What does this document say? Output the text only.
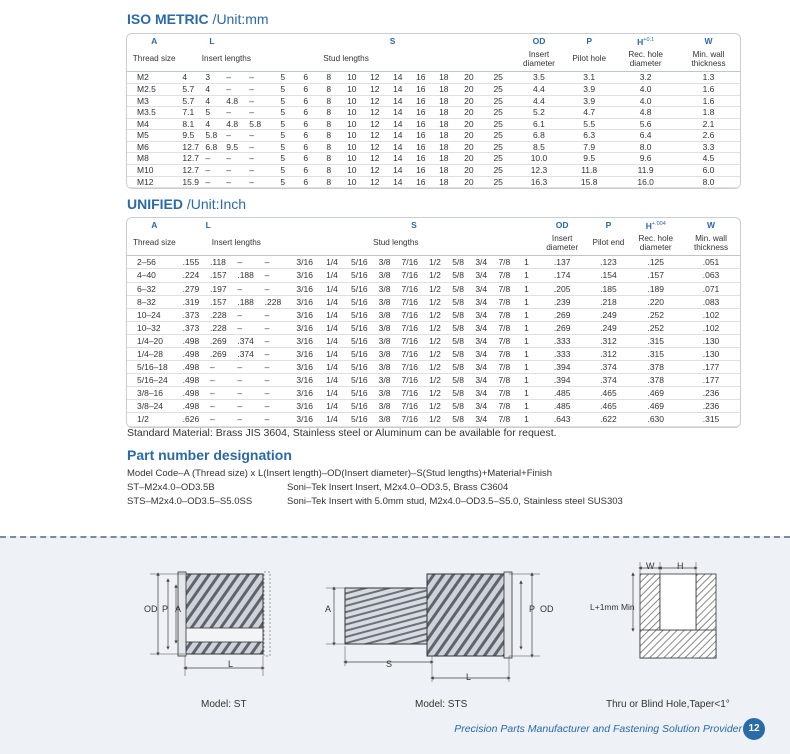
ISO METRIC /Unit:mm
A	L				S										OD	P	$H^{+0.1}$	W
Thread size	Insert lengths				Stud lengths										Insert diameter	Pilot hole	Rec. hole diameter	Min. wall thickness
M2	4	3	–	–	5	6	8	10	12	14	16	18	20	25	3.5	3.1	3.2	1.3
M2.5	5.7	4	–	–	5	6	8	10	12	14	16	18	20	25	4.4	3.9	4.0	1.6
M3	5.7	4	4.8	–	5	6	8	10	12	14	16	18	20	25	4.4	3.9	4.0	1.6
M3.5	7.1	5	–	–	5	6	8	10	12	14	16	18	20	25	5.2	4.7	4.8	1.8
M4	8.1	4	4.8	5.8	5	6	8	10	12	14	16	18	20	25	6.1	5.5	5.6	2.1
M5	9.5	5.8	–	–	5	6	8	10	12	14	16	18	20	25	6.8	6.3	6.4	2.6
M6	12.7	6.8	9.5	–	5	6	8	10	12	14	16	18	20	25	8.5	7.9	8.0	3.3
M8	12.7	–	–	–	5	6	8	10	12	14	16	18	20	25	10.0	9.5	9.6	4.5
M10	12.7	–	–	–	5	6	8	10	12	14	16	18	20	25	12.3	11.8	11.9	6.0
M12	15.9	–	–	–	5	6	8	10	12	14	16	18	20	25	16.3	15.8	16.0	8.0
UNIFIED /Unit:Inch
A	L				S										OD	P	$H^{+.004}$	W
Thread size	Insert lengths				Stud lengths										Insert diameter	Pilot end	Rec. hole diameter	Min. wall thickness
2–56	.155	.118	–	–	3/16	1/4	5/16	3/8	7/16	1/2	5/8	3/4	7/8	1	.137	.123	.125	.051
4–40	.224	.157	.188	–	3/16	1/4	5/16	3/8	7/16	1/2	5/8	3/4	7/8	1	.174	.154	.157	.063
6–32	.279	.197	–	–	3/16	1/4	5/16	3/8	7/16	1/2	5/8	3/4	7/8	1	.205	.185	.189	.071
8–32	.319	.157	.188	.228	3/16	1/4	5/16	3/8	7/16	1/2	5/8	3/4	7/8	1	.239	.218	.220	.083
10–24	.373	.228	–	–	3/16	1/4	5/16	3/8	7/16	1/2	5/8	3/4	7/8	1	.269	.249	.252	.102
10–32	.373	.228	–	–	3/16	1/4	5/16	3/8	7/16	1/2	5/8	3/4	7/8	1	.269	.249	.252	.102
1/4–20	.498	.269	.374	–	3/16	1/4	5/16	3/8	7/16	1/2	5/8	3/4	7/8	1	.333	.312	.315	.130
1/4–28	.498	.269	.374	–	3/16	1/4	5/16	3/8	7/16	1/2	5/8	3/4	7/8	1	.333	.312	.315	.130
5/16–18	.498	–	–	–	3/16	1/4	5/16	3/8	7/16	1/2	5/8	3/4	7/8	1	.394	.374	.378	.177
5/16–24	.498	–	–	–	3/16	1/4	5/16	3/8	7/16	1/2	5/8	3/4	7/8	1	.394	.374	.378	.177
3/8–16	.498	–	–	–	3/16	1/4	5/16	3/8	7/16	1/2	5/8	3/4	7/8	1	.485	.465	.469	.236
3/8–24	.498	–	–	–	3/16	1/4	5/16	3/8	7/16	1/2	5/8	3/4	7/8	1	.485	.465	.469	.236
1/2	.626	–	–	–	3/16	1/4	5/16	3/8	7/16	1/2	5/8	3/4	7/8	1	.643	.622	.630	.315
Standard Material: Brass JIS 3604, Stainless steel or Aluminum can be available for request.
Part number designation
Model Code–A (Thread size) x L(Insert length)–OD(Insert diameter)–S(Stud lengths)+Material+Finish
ST–M2x4.0–OD3.5B	Soni–Tek Insert Insert, M2x4.0–OD3.5, Brass C3604
STS–M2x4.0–OD3.5–S5.0SS	Soni–Tek Insert with 5.0mm stud, M2x4.0–OD3.5–S5.0, Stainless steel SUS303
OD P A
L
A	P OD
S
L
W	H
L+1mm Min
Model: ST	Model: STS	Thru or Blind Hole,Taper<1°
Precision Parts Manufacturer and Fastening Solution Provider 12
